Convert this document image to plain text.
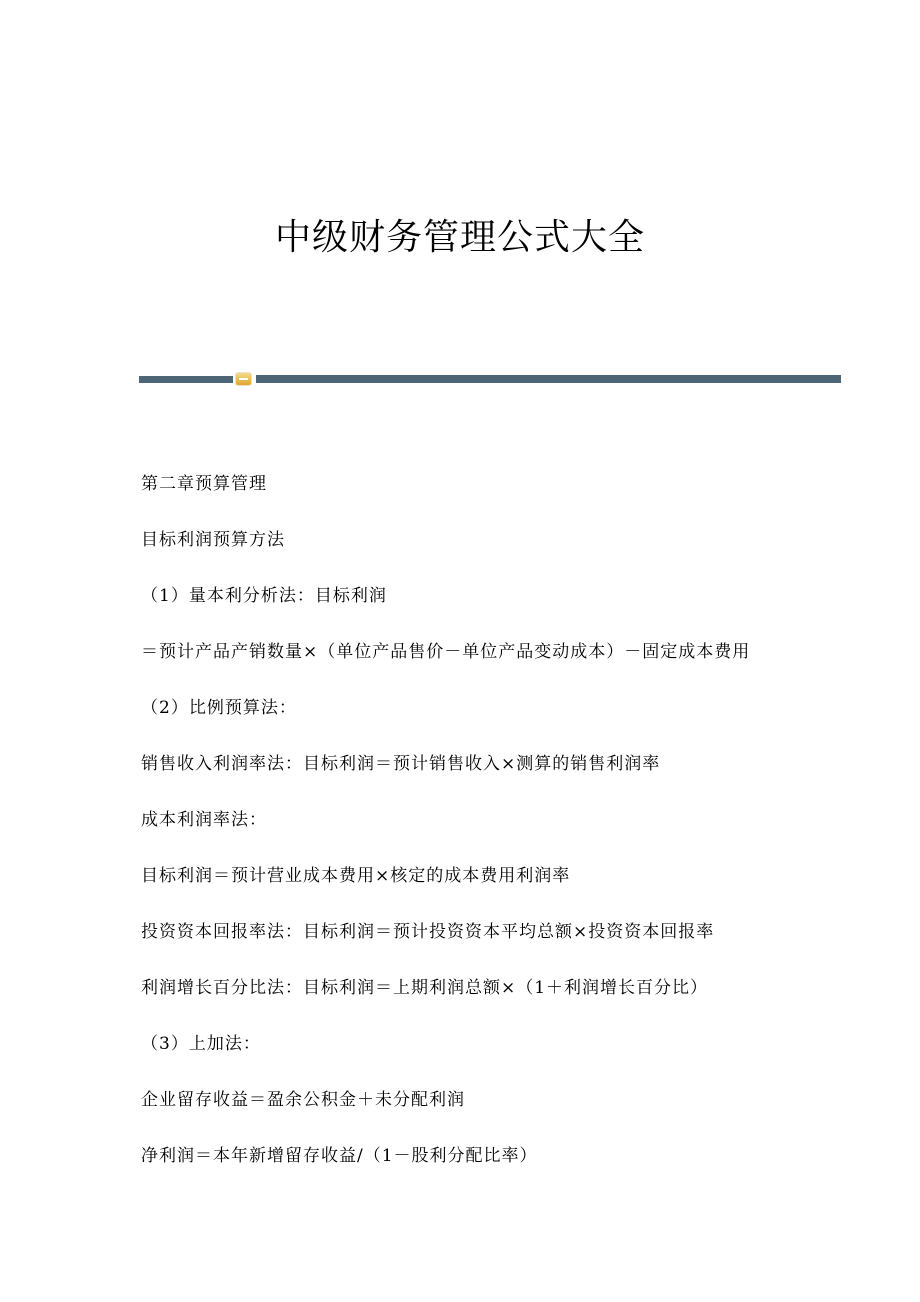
中级财务管理公式大全

第二章预算管理

目标利润预算方法

（1）量本利分析法：目标利润

＝预计产品产销数量×（单位产品售价－单位产品变动成本）－固定成本费用

（2）比例预算法：

销售收入利润率法：目标利润＝预计销售收入×测算的销售利润率

成本利润率法：

目标利润＝预计营业成本费用×核定的成本费用利润率

投资资本回报率法：目标利润＝预计投资资本平均总额×投资资本回报率

利润增长百分比法：目标利润＝上期利润总额×（1＋利润增长百分比）

（3）上加法：

企业留存收益＝盈余公积金＋未分配利润

净利润＝本年新增留存收益/（1－股利分配比率）
